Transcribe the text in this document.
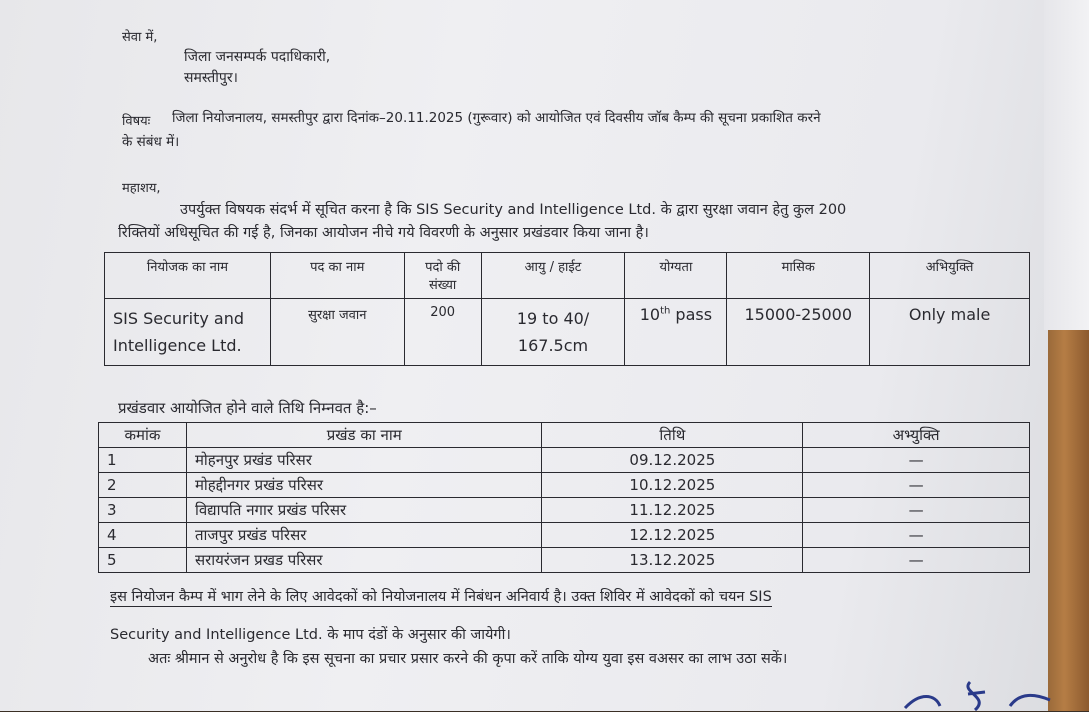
सेवा में,
जिला जनसम्पर्क पदाधिकारी,
समस्तीपुर।
विषयः जिला नियोजनालय, समस्तीपुर द्वारा दिनांक–20.11.2025 (गुरूवार) को आयोजित एवं दिवसीय जॉब कैम्प की सूचना प्रकाशित करने
के संबंध में।
महाशय,
उपर्युक्त विषयक संदर्भ में सूचित करना है कि SIS Security and Intelligence Ltd. के द्वारा सुरक्षा जवान हेतु कुल 200
रिक्तियों अधिसूचित की गई है, जिनका आयोजन नीचे गये विवरणी के अनुसार प्रखंडवार किया जाना है।
नियोजक का नाम	पद का नाम	पदो की संख्या	आयु / हाईट	योग्यता	मासिक	अभियुक्ति
SIS Security and Intelligence Ltd.	सुरक्षा जवान	200	19 to 40/ 167.5cm	10th pass	15000-25000	Only male
प्रखंडवार आयोजित होने वाले तिथि निम्नवत है:–
कमांक	प्रखंड का नाम	तिथि	अभ्युक्ति
1	मोहनपुर प्रखंड परिसर	09.12.2025	—
2	मोहद्दीनगर प्रखंड परिसर	10.12.2025	—
3	विद्यापति नगार प्रखंड परिसर	11.12.2025	—
4	ताजपुर प्रखंड परिसर	12.12.2025	—
5	सरायरंजन प्रखड परिसर	13.12.2025	—
इस नियोजन कैम्प में भाग लेने के लिए आवेदकों को नियोजनालय में निबंधन अनिवार्य है। उक्त शिविर में आवेदकों को चयन SIS
Security and Intelligence Ltd. के माप दंडों के अनुसार की जायेगी।
अतः श्रीमान से अनुरोध है कि इस सूचना का प्रचार प्रसार करने की कृपा करें ताकि योग्य युवा इस वअसर का लाभ उठा सकें।
